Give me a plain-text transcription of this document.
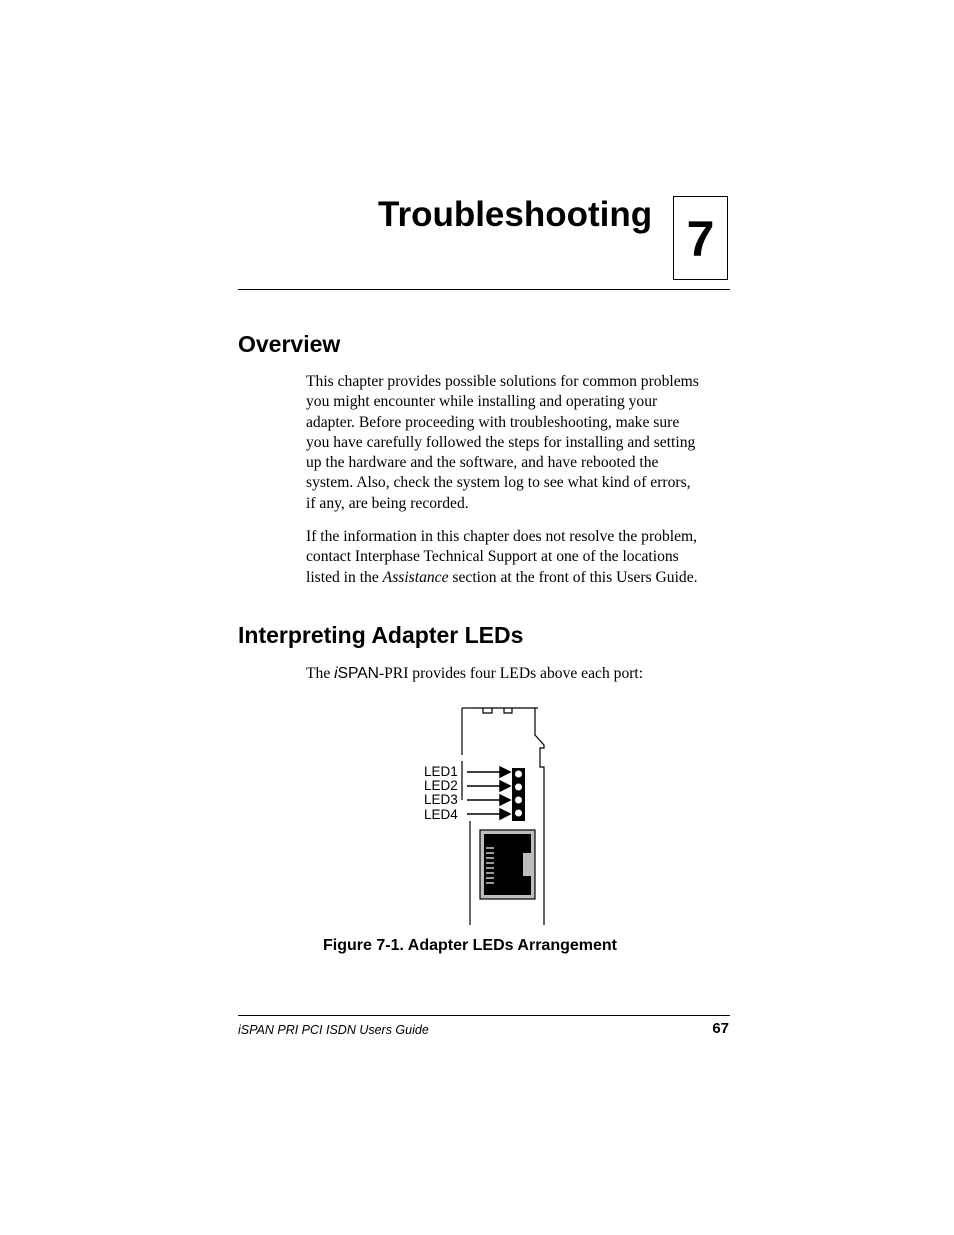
Troubleshooting 7
Overview

This chapter provides possible solutions for common problems
you might encounter while installing and operating your
adapter. Before proceeding with troubleshooting, make sure
you have carefully followed the steps for installing and setting
up the hardware and the software, and have rebooted the
system. Also, check the system log to see what kind of errors,
if any, are being recorded.

If the information in this chapter does not resolve the problem,
contact Interphase Technical Support at one of the locations
listed in the Assistance section at the front of this Users Guide.

Interpreting Adapter LEDs

The iSPAN-PRI provides four LEDs above each port:

LED1
LED2
LED3
LED4

Figure 7-1. Adapter LEDs Arrangement

iSPAN PRI PCI ISDN Users Guide	67
